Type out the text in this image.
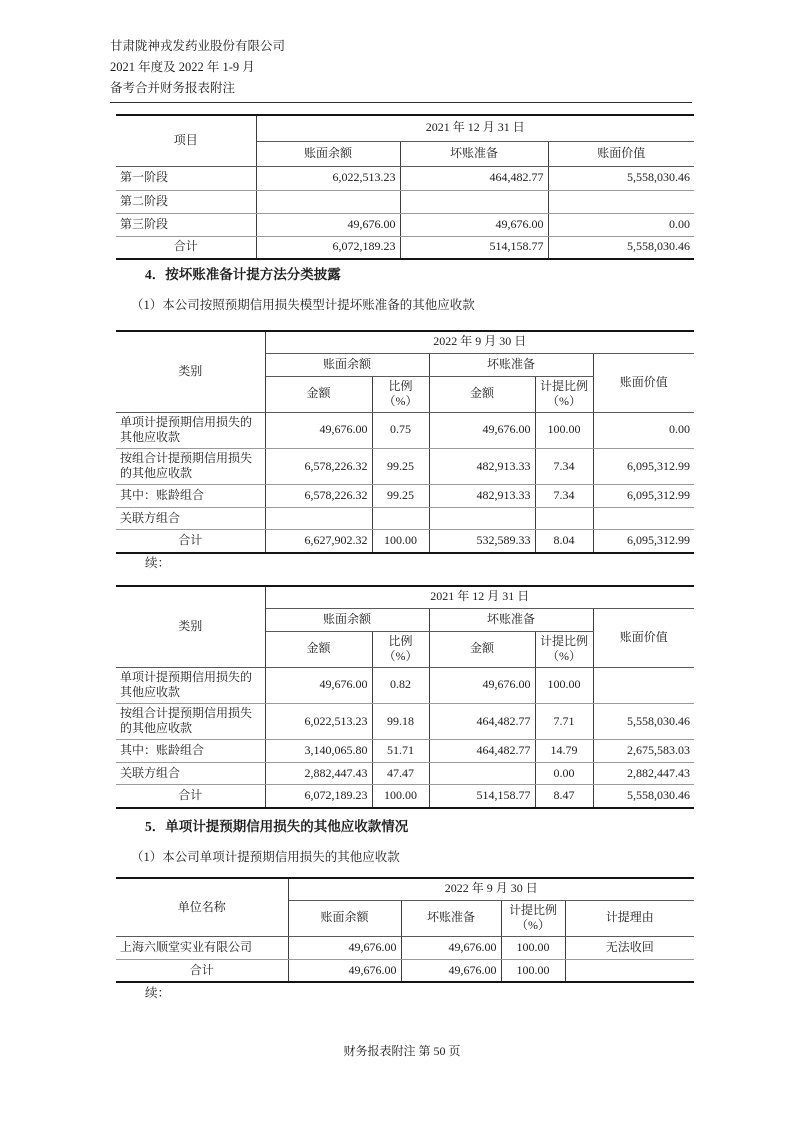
甘肃陇神戎发药业股份有限公司
2021 年度及 2022 年 1-9 月
备考合并财务报表附注
项目	2021 年 12 月 31 日		
	账面余额	坏账准备	账面价值
第一阶段	6,022,513.23	464,482.77	5,558,030.46
第二阶段			
第三阶段	49,676.00	49,676.00	0.00
合计	6,072,189.23	514,158.77	5,558,030.46
4．按坏账准备计提方法分类披露
（1）本公司按照预期信用损失模型计提坏账准备的其他应收款
类别	2022 年 9 月 30 日				
	账面余额		坏账准备		账面价值
	金额	比例（%）	金额	计提比例（%）	
单项计提预期信用损失的其他应收款	49,676.00	0.75	49,676.00	100.00	0.00
按组合计提预期信用损失的其他应收款	6,578,226.32	99.25	482,913.33	7.34	6,095,312.99
其中：账龄组合	6,578,226.32	99.25	482,913.33	7.34	6,095,312.99
关联方组合					
合计	6,627,902.32	100.00	532,589.33	8.04	6,095,312.99
续：
类别	2021 年 12 月 31 日				
	账面余额		坏账准备		账面价值
	金额	比例（%）	金额	计提比例（%）	
单项计提预期信用损失的其他应收款	49,676.00	0.82	49,676.00	100.00	
按组合计提预期信用损失的其他应收款	6,022,513.23	99.18	464,482.77	7.71	5,558,030.46
其中：账龄组合	3,140,065.80	51.71	464,482.77	14.79	2,675,583.03
关联方组合	2,882,447.43	47.47		0.00	2,882,447.43
合计	6,072,189.23	100.00	514,158.77	8.47	5,558,030.46
5．单项计提预期信用损失的其他应收款情况
（1）本公司单项计提预期信用损失的其他应收款
单位名称	2022 年 9 月 30 日			
	账面余额	坏账准备	计提比例（%）	计提理由
上海六顺堂实业有限公司	49,676.00	49,676.00	100.00	无法收回
合计	49,676.00	49,676.00	100.00	
续：
财务报表附注 第 50 页
